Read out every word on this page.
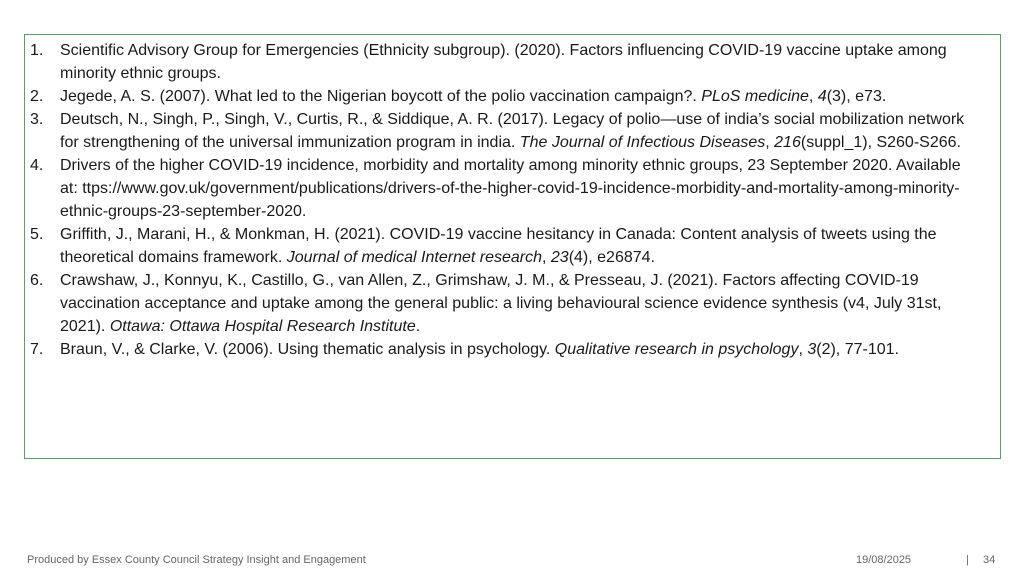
1.	Scientific Advisory Group for Emergencies (Ethnicity subgroup). (2020). Factors influencing COVID-19 vaccine uptake among minority ethnic groups.
2.	Jegede, A. S. (2007). What led to the Nigerian boycott of the polio vaccination campaign?. PLoS medicine, 4(3), e73.
3.	Deutsch, N., Singh, P., Singh, V., Curtis, R., & Siddique, A. R. (2017). Legacy of polio—use of india’s social mobilization network for strengthening of the universal immunization program in india. The Journal of Infectious Diseases, 216(suppl_1), S260-S266.
4.	Drivers of the higher COVID-19 incidence, morbidity and mortality among minority ethnic groups, 23 September 2020. Available at: ttps://www.gov.uk/government/publications/drivers-of-the-higher-covid-19-incidence-morbidity-and-mortality-among-minority-ethnic-groups-23-september-2020.
5.	Griffith, J., Marani, H., & Monkman, H. (2021). COVID-19 vaccine hesitancy in Canada: Content analysis of tweets using the theoretical domains framework. Journal of medical Internet research, 23(4), e26874.
6.	Crawshaw, J., Konnyu, K., Castillo, G., van Allen, Z., Grimshaw, J. M., & Presseau, J. (2021). Factors affecting COVID-19 vaccination acceptance and uptake among the general public: a living behavioural science evidence synthesis (v4, July 31st, 2021). Ottawa: Ottawa Hospital Research Institute.
7.	Braun, V., & Clarke, V. (2006). Using thematic analysis in psychology. Qualitative research in psychology, 3(2), 77-101.
Produced by Essex County Council Strategy Insight and Engagement	19/08/2025	| 34
